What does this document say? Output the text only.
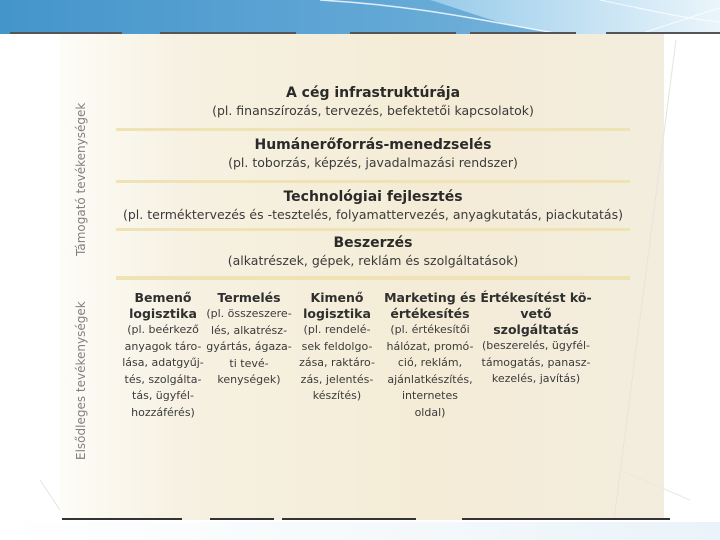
Támogató tevékenységek
Elsődleges tevékenységek
A cég infrastruktúrája
(pl. finanszírozás, tervezés, befektetői kapcsolatok)
Humánerőforrás-menedzselés
(pl. toborzás, képzés, javadalmazási rendszer)
Technológiai fejlesztés
(pl. terméktervezés és -tesztelés, folyamattervezés, anyagkutatás, piackutatás)
Beszerzés
(alkatrészek, gépek, reklám és szolgáltatások)
Bemenő
logisztika
(pl. beérkező
anyagok táro-
lása, adatgyűj-
tés, szolgálta-
tás, ügyfél-
hozzáférés)
Termelés
(pl. összeszere-
lés, alkatrész-
gyártás, ágaza-
ti tevé-
kenységek)
Kimenő
logisztika
(pl. rendelé-
sek feldolgo-
zása, raktáro-
zás, jelentés-
készítés)
Marketing és
értékesítés
(pl. értékesítői
hálózat, promó-
ció, reklám,
ajánlatkészítés,
internetes
oldal)
Értékesítést kö-
vető szolgáltatás
(beszerelés, ügyfél-
támogatás, panasz-
kezelés, javítás)
